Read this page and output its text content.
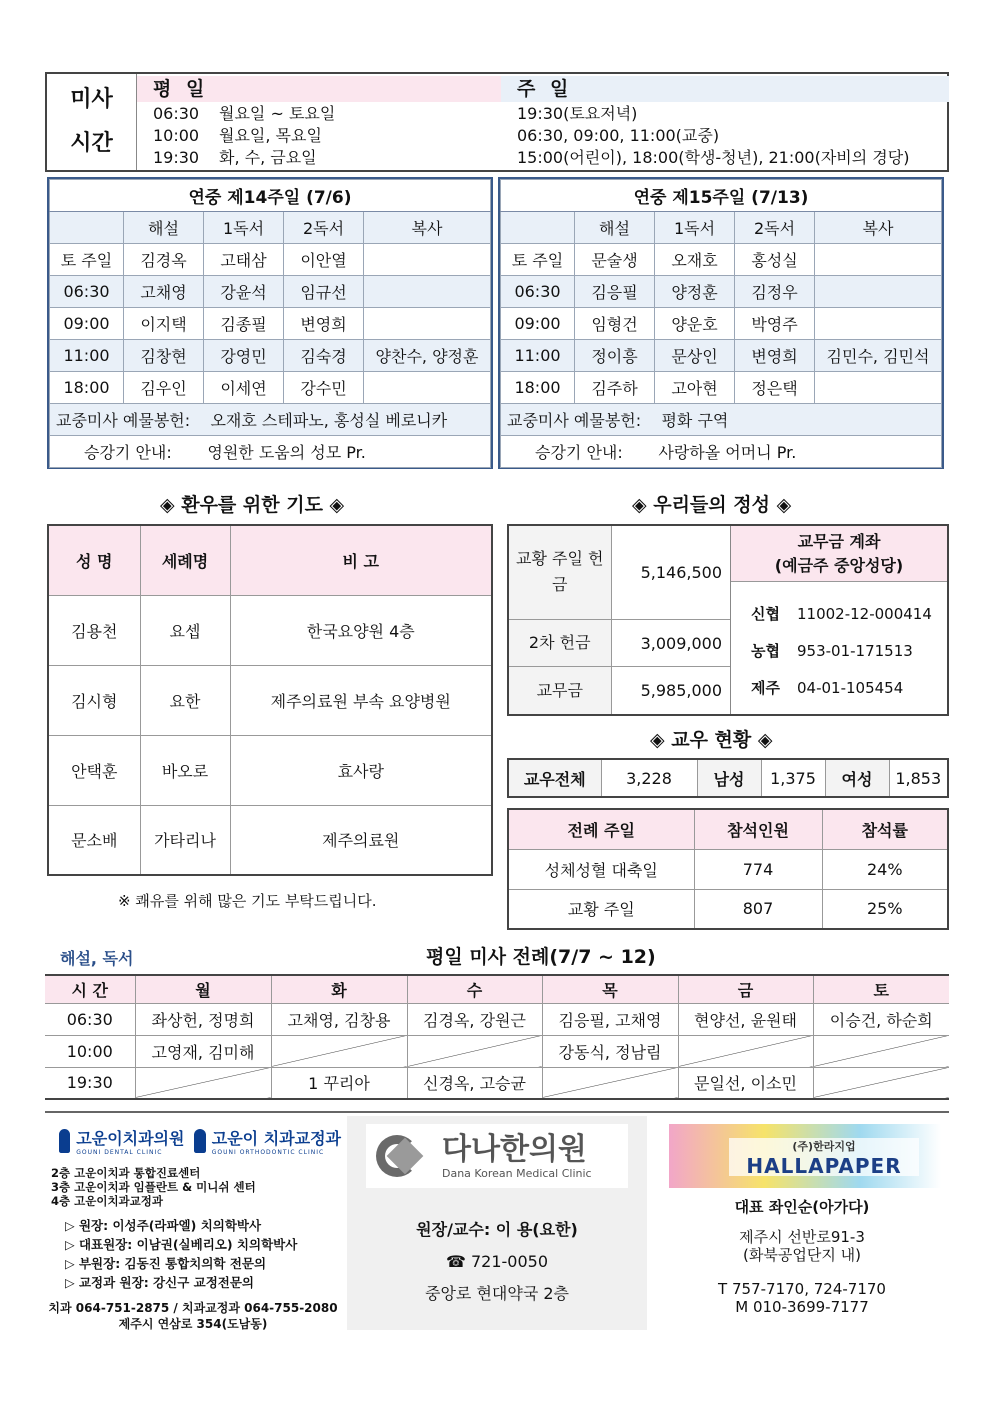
미사
시간
평 일	주 일
06:30 월요일 ~ 토요일
10:00 월요일, 목요일
19:30 화, 수, 금요일
19:30(토요저녁)
06:30, 09:00, 11:00(교중)
15:00(어린이), 18:00(학생-청년), 21:00(자비의 경당)
연중 제14주일 (7/6)				
	해설	1독서	2독서	복사
토 주일	김경옥	고태삼	이안열	
06:30	고채영	강윤석	임규선	
09:00	이지택	김종필	변영희	
11:00	김창현	강영민	김숙경	양찬수, 양정훈
18:00	김우인	이세연	강수민	
교중미사 예물봉헌: 오재호 스테파노, 홍성실 베로니카				
승강기 안내: 영원한 도움의 성모 Pr.				
연중 제15주일 (7/13)				
	해설	1독서	2독서	복사
토 주일	문술생	오재호	홍성실	
06:30	김응필	양정훈	김정우	
09:00	임형건	양운호	박영주	
11:00	정이흥	문상인	변영희	김민수, 김민석
18:00	김주하	고아현	정은택	
교중미사 예물봉헌: 평화 구역				
승강기 안내: 사랑하올 어머니 Pr.				
◈ 환우를 위한 기도 ◈
성 명	세례명	비 고
김용천	요셉	한국요양원 4층
김시형	요한	제주의료원 부속 요양병원
안택훈	바오로	효사랑
문소배	가타리나	제주의료원
※ 쾌유를 위해 많은 기도 부탁드립니다.
◈ 우리들의 정성 ◈
교황 주일 헌금	5,146,500
2차 헌금	3,009,000
교무금	5,985,000
교무금 계좌
(예금주 중앙성당)
신협 11002-12-000414
농협 953-01-171513
제주 04-01-105454
◈ 교우 현황 ◈
교우전체	3,228	남성	1,375	여성	1,853
전례 주일	참석인원	참석률
성체성혈 대축일	774	24%
교황 주일	807	25%
해설, 독서	평일 미사 전례(7/7 ~ 12)
시 간	월	화	수	목	금	토
06:30	좌상헌, 정명희	고채영, 김창용	김경옥, 강원근	김응필, 고채영	현양선, 윤원태	이승건, 하순희
10:00	고영재, 김미해			강동식, 정남림		
19:30		1 꾸리아	신경옥, 고승균		문일선, 이소민	
고운이치과의원
GOUNI DENTAL CLINIC
고운이 치과교정과
GOUNI ORTHODONTIC CLINIC
2층 고운이치과 통합진료센터
3층 고운이치과 임플란트 & 미니쉬 센터
4층 고운이치과교정과
▷ 원장: 이성주(라파엘) 치의학박사
▷ 대표원장: 이남권(실베리오) 치의학박사
▷ 부원장: 김동진 통합치의학 전문의
▷ 교정과 원장: 강신구 교정전문의
치과 064-751-2875 / 치과교정과 064-755-2080
제주시 연삼로 354(도남동)
다나한의원
Dana Korean Medical Clinic
원장/교수: 이 용(요한)
☎ 721-0050
중앙로 현대약국 2층
(주)한라지업
HALLAPAPER
대표 좌인순(아가다)
제주시 선반로91-3
(화북공업단지 내)
T 757-7170, 724-7170
M 010-3699-7177
